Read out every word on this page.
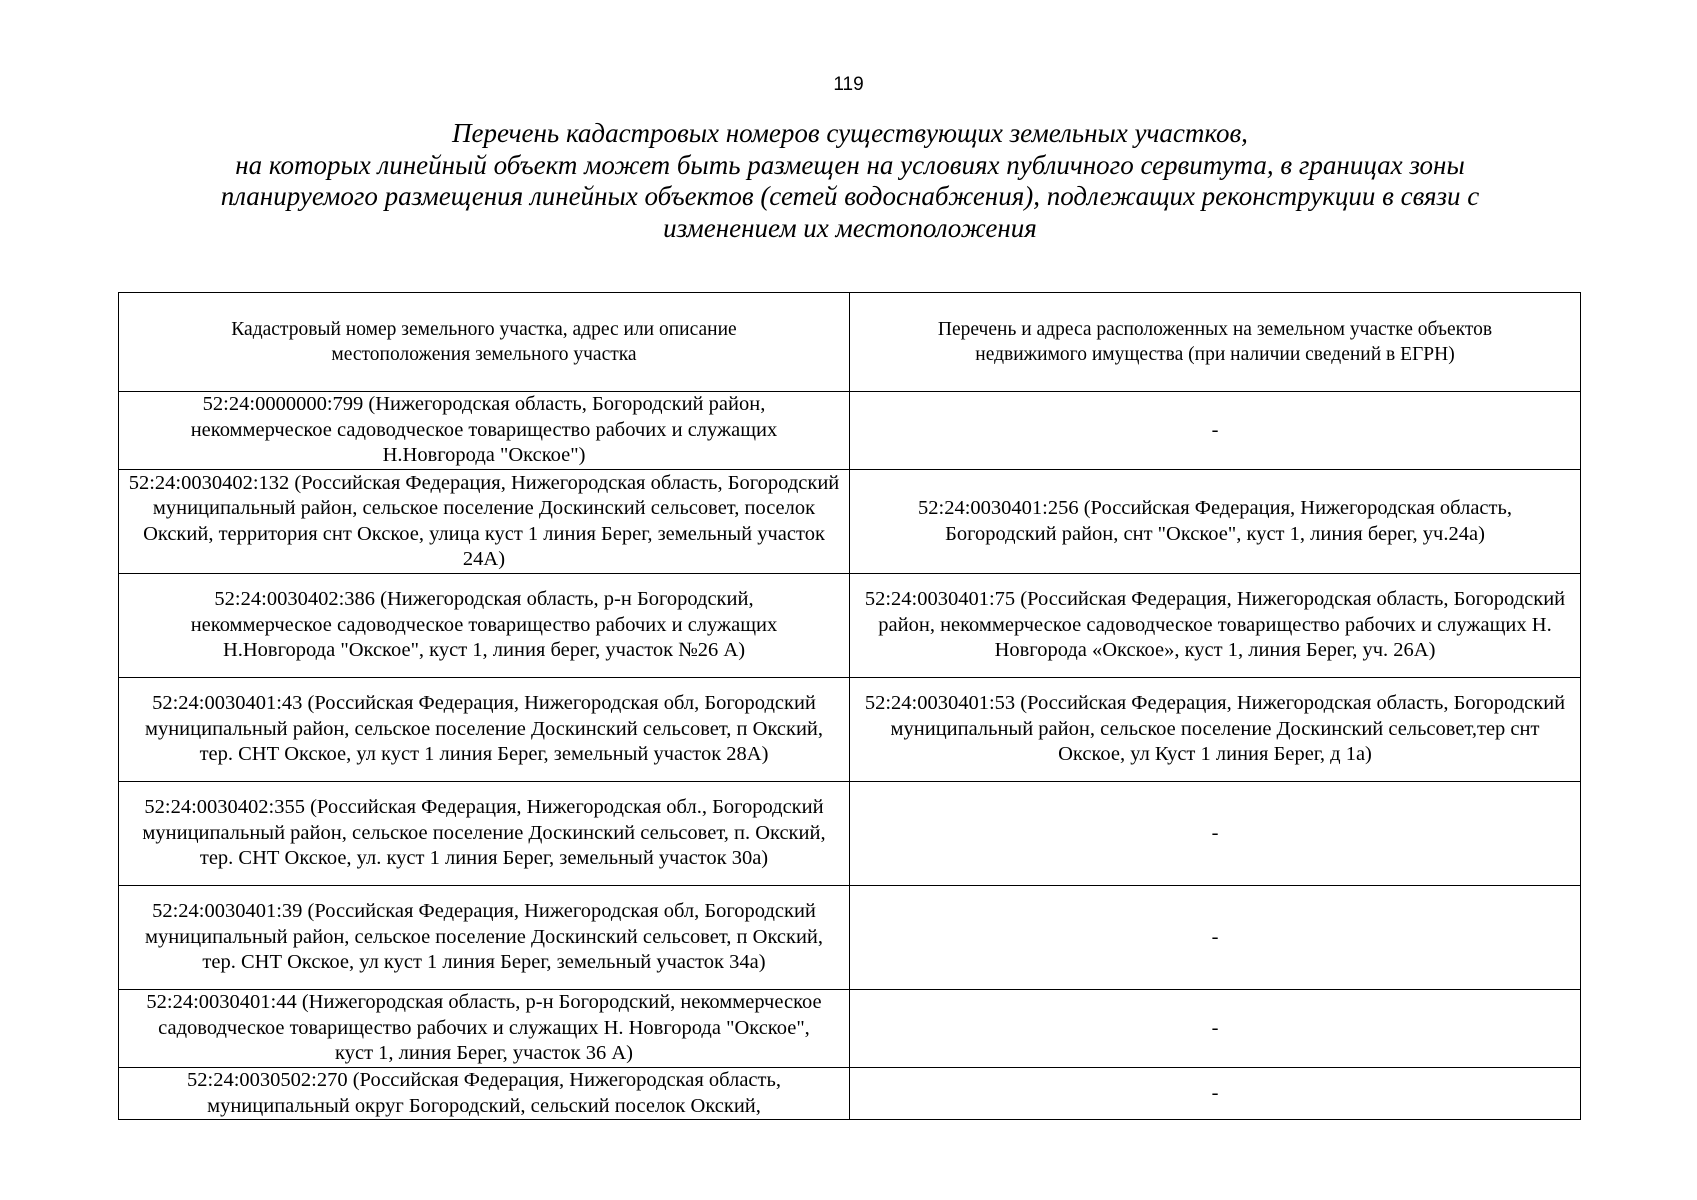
119
Перечень кадастровых номеров существующих земельных участков,
на которых линейный объект может быть размещен на условиях публичного сервитута, в границах зоны
планируемого размещения линейных объектов (сетей водоснабжения), подлежащих реконструкции в связи с
изменением их местоположения
Кадастровый номер земельного участка, адрес или описание местоположения земельного участка	Перечень и адреса расположенных на земельном участке объектов недвижимого имущества (при наличии сведений в ЕГРН)
52:24:0000000:799 (Нижегородская область, Богородский район, некоммерческое садоводческое товарищество рабочих и служащих Н.Новгорода "Окское")	-
52:24:0030402:132 (Российская Федерация, Нижегородская область, Богородский муниципальный район, сельское поселение Доскинский сельсовет, поселок Окский, территория снт Окское, улица куст 1 линия Берег, земельный участок 24А)	52:24:0030401:256 (Российская Федерация, Нижегородская область, Богородский район, снт "Окское", куст 1, линия берег, уч.24а)
52:24:0030402:386 (Нижегородская область, р-н Богородский, некоммерческое садоводческое товарищество рабочих и служащих Н.Новгорода "Окское", куст 1, линия берег, участок №26 А)	52:24:0030401:75 (Российская Федерация, Нижегородская область, Богородский район, некоммерческое садоводческое товарищество рабочих и служащих Н. Новгорода «Окское», куст 1, линия Берег, уч. 26А)
52:24:0030401:43 (Российская Федерация, Нижегородская обл, Богородский муниципальный район, сельское поселение Доскинский сельсовет, п Окский, тер. СНТ Окское, ул куст 1 линия Берег, земельный участок 28А)	52:24:0030401:53 (Российская Федерация, Нижегородская область, Богородский муниципальный район, сельское поселение Доскинский сельсовет,тер снт Окское, ул Куст 1 линия Берег, д 1а)
52:24:0030402:355 (Российская Федерация, Нижегородская обл., Богородский муниципальный район, сельское поселение Доскинский сельсовет, п. Окский, тер. СНТ Окское, ул. куст 1 линия Берег, земельный участок 30а)	-
52:24:0030401:39 (Российская Федерация, Нижегородская обл, Богородский муниципальный район, сельское поселение Доскинский сельсовет, п Окский, тер. СНТ Окское, ул куст 1 линия Берег, земельный участок 34а)	-
52:24:0030401:44 (Нижегородская область, р-н Богородский, некоммерческое садоводческое товарищество рабочих и служащих Н. Новгорода "Окское", куст 1, линия Берег, участок 36 А)	-
52:24:0030502:270 (Российская Федерация, Нижегородская область, муниципальный округ Богородский, сельский поселок Окский,	-
